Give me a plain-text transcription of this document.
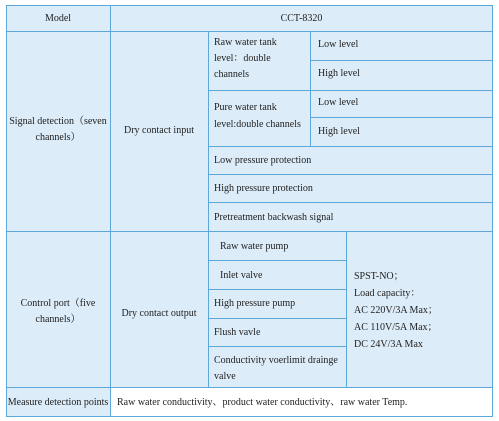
Model	CCT-8320
Signal detection（seven
channels）
Dry contact input
Raw water tank
level：double
channels
Low level
High level
Pure water tank
level:double channels
Low level
High level
Low pressure protection
High pressure protection
Pretreatment backwash signal
Control port（five
channels）
Dry contact output
Raw water pump
Inlet valve
High pressure pump
Flush vavle
Conductivity voerlimit drainge
valve
SPST-NO；
Load capacity：
AC 220V/3A Max；
AC 110V/5A Max；
DC 24V/3A Max
Measure detection points Raw water conductivity、product water conductivity、raw water Temp.
